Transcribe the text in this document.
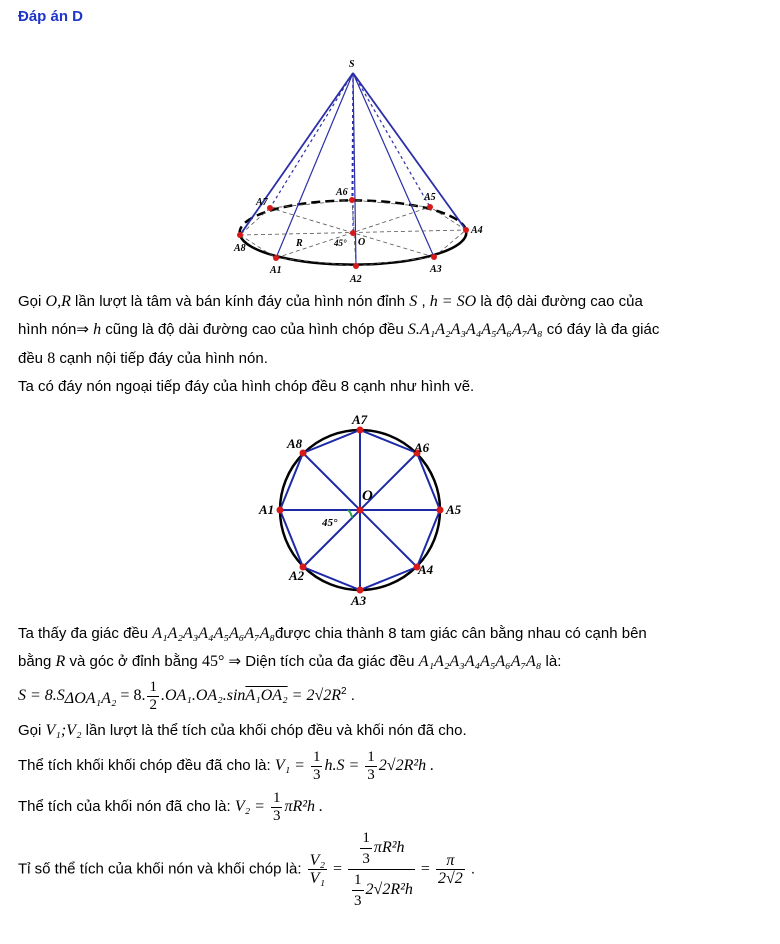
Đáp án D
S
O
R	45°
A8
A1
A2
A3
A4
A5
A6
A7
Gọi O,R lần lượt là tâm và bán kính đáy của hình nón đỉnh S , h = SO là độ dài đường cao của
hình nón⇒ h cũng là độ dài đường cao của hình chóp đều S.A₁A₂A₃A₄A₅A₆A₇A₈ có đáy là đa giác
đều 8 cạnh nội tiếp đáy của hình nón.
Ta có đáy nón ngoại tiếp đáy của hình chóp đều 8 cạnh như hình vẽ.
O
45°
A1
A2
A3
A4
A5
A6
A7
A8
Ta thấy đa giác đều A₁A₂A₃A₄A₅A₆A₇A₈được chia thành 8 tam giác cân bằng nhau có cạnh bên
bằng R và góc ở đỉnh bằng 45° ⇒ Diện tích của đa giác đều A₁A₂A₃A₄A₅A₆A₇A₈ là:
$S = 8.S_{\Delta OA_1A_2} = 8$. $\frac{1}{2} .OA_1.OA_2.\sin A_1OA_2 = 2√2R^2$ .
Gọi V₁;V₂ lần lượt là thể tích của khối chóp đều và khối nón đã cho.
Thể tích khối khối chóp đều đã cho là: $V_1 = \frac{1}{3} h.S = \frac{1}{3} 2√2R^2h$ .
Thể tích của khối nón đã cho là: $V_2 = \frac{1}{3} \pi R^2h$ .
Tỉ số thể tích của khối nón và khối chóp là: $\frac{\text{V₂}}{\text{V₁}} = \frac{\frac{1}{3} \pi R^2h}{\frac{1}{3} 2√2R^2h} = \frac{\pi}{2√2}$ .
